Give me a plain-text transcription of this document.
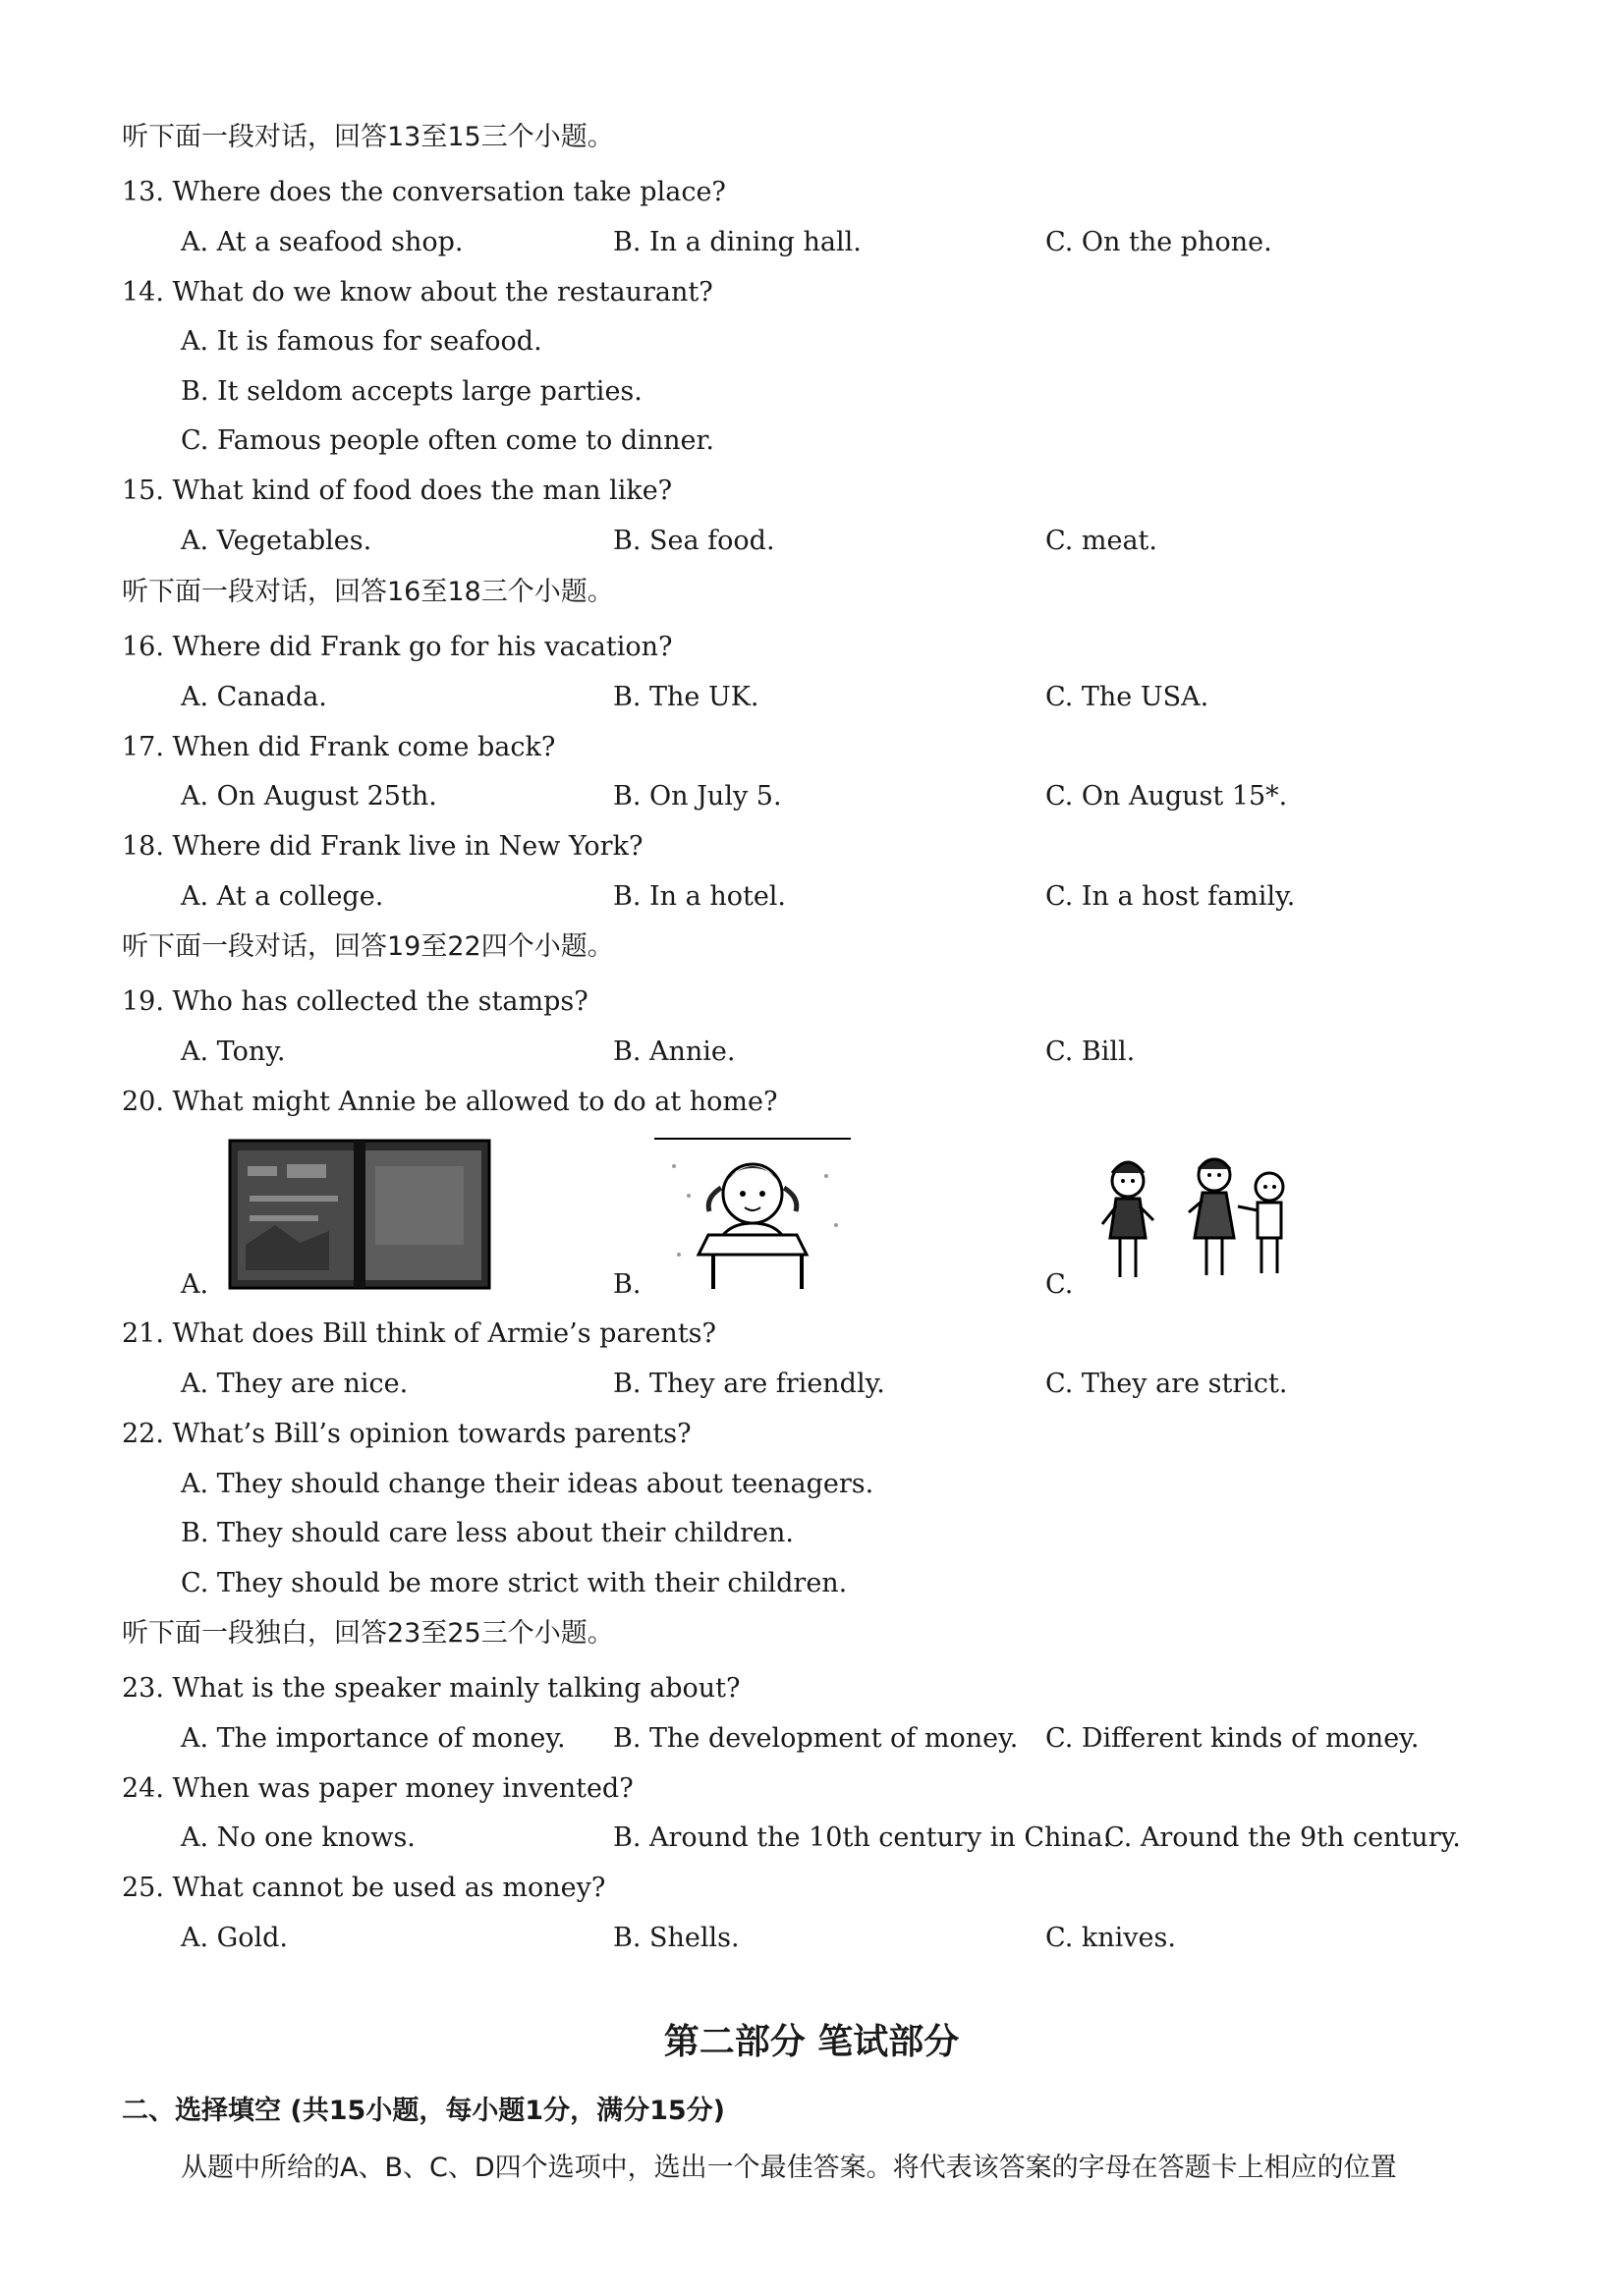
听下面一段对话，回答13至15三个小题。
13. Where does the conversation take place?
A. At a seafood shop.	B. In a dining hall.	C. On the phone.
14. What do we know about the restaurant?
A. It is famous for seafood.
B. It seldom accepts large parties.
C. Famous people often come to dinner.
15. What kind of food does the man like?
A. Vegetables.	B. Sea food.	C. meat.
听下面一段对话，回答16至18三个小题。
16. Where did Frank go for his vacation?
A. Canada.	B. The UK.	C. The USA.
17. When did Frank come back?
A. On August 25th.	B. On July 5.	C. On August 15*.
18. Where did Frank live in New York?
A. At a college.	B. In a hotel.	C. In a host family.
听下面一段对话，回答19至22四个小题。
19. Who has collected the stamps?
A. Tony.	B. Annie.	C. Bill.
20. What might Annie be allowed to do at home?
A.	B.	C.
21. What does Bill think of Armie’s parents?
A. They are nice.	B. They are friendly.	C. They are strict.
22. What’s Bill’s opinion towards parents?
A. They should change their ideas about teenagers.
B. They should care less about their children.
C. They should be more strict with their children.
听下面一段独白，回答23至25三个小题。
23. What is the speaker mainly talking about?
A. The importance of money. B. The development of money. C. Different kinds of money.
24. When was paper money invented?
A. No one knows.	B. Around the 10th century in China.
C. Around the 9th century.
25. What cannot be used as money?
A. Gold.	B. Shells.	C. knives.
第二部分 笔试部分
二、选择填空 (共15小题，每小题1分，满分15分)
从题中所给的A、B、C、D四个选项中，选出一个最佳答案。将代表该答案的字母在答题卡上相应的位置
